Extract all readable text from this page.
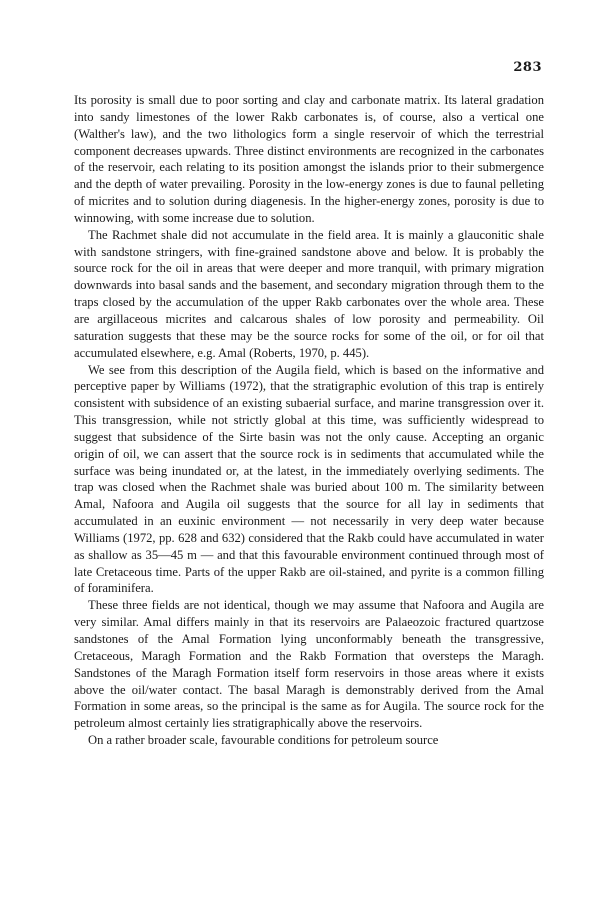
283

Its porosity is small due to poor sorting and clay and carbonate matrix. Its lateral gradation into sandy limestones of the lower Rakb carbonates is, of course, also a vertical one (Walther's law), and the two lithologics form a single reservoir of which the terrestrial component decreases upwards. Three distinct environments are recognized in the carbonates of the reservoir, each relating to its position amongst the islands prior to their submergence and the depth of water prevailing. Porosity in the low-energy zones is due to faunal pelleting of micrites and to solution during diagenesis. In the higher-energy zones, porosity is due to winnowing, with some increase due to solution.

The Rachmet shale did not accumulate in the field area. It is mainly a glauconitic shale with sandstone stringers, with fine-grained sandstone above and below. It is probably the source rock for the oil in areas that were deeper and more tranquil, with primary migration downwards into basal sands and the basement, and secondary migration through them to the traps closed by the accumulation of the upper Rakb carbonates over the whole area. These are argillaceous micrites and calcarous shales of low porosity and permeability. Oil saturation suggests that these may be the source rocks for some of the oil, or for oil that accumulated elsewhere, e.g. Amal (Roberts, 1970, p. 445).

We see from this description of the Augila field, which is based on the informative and perceptive paper by Williams (1972), that the stratigraphic evolution of this trap is entirely consistent with subsidence of an existing subaerial surface, and marine transgression over it. This transgression, while not strictly global at this time, was sufficiently widespread to suggest that subsidence of the Sirte basin was not the only cause. Accepting an organic origin of oil, we can assert that the source rock is in sediments that accumulated while the surface was being inundated or, at the latest, in the immediately overlying sediments. The trap was closed when the Rachmet shale was buried about 100 m. The similarity between Amal, Nafoora and Augila oil suggests that the source for all lay in sediments that accumulated in an euxinic environment — not necessarily in very deep water because Williams (1972, pp. 628 and 632) considered that the Rakb could have accumulated in water as shallow as 35—45 m — and that this favourable environment continued through most of late Cretaceous time. Parts of the upper Rakb are oil-stained, and pyrite is a common filling of foraminifera.

These three fields are not identical, though we may assume that Nafoora and Augila are very similar. Amal differs mainly in that its reservoirs are Palaeozoic fractured quartzose sandstones of the Amal Formation lying unconformably beneath the transgressive, Cretaceous, Maragh Formation and the Rakb Formation that oversteps the Maragh. Sandstones of the Maragh Formation itself form reservoirs in those areas where it exists above the oil/water contact. The basal Maragh is demonstrably derived from the Amal Formation in some areas, so the principal is the same as for Augila. The source rock for the petroleum almost certainly lies stratigraphically above the reservoirs.

On a rather broader scale, favourable conditions for petroleum source
